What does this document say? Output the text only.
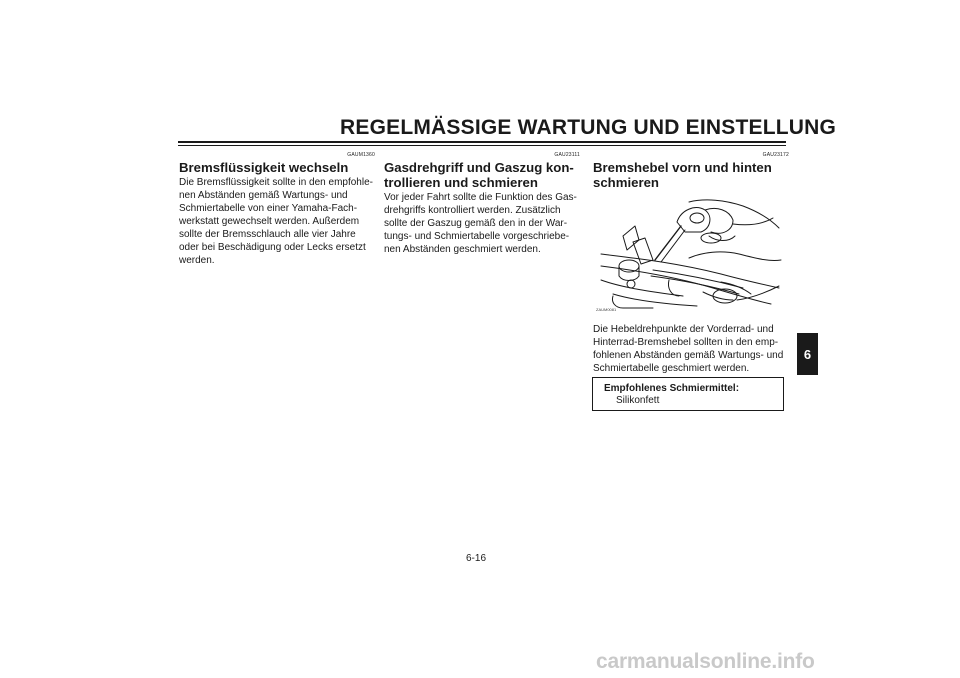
REGELMÄSSIGE WARTUNG UND EINSTELLUNG
GAUM1360
Bremsflüssigkeit wechseln
Die Bremsflüssigkeit sollte in den empfohle-
nen Abständen gemäß Wartungs- und
Schmiertabelle von einer Yamaha-Fach-
werkstatt gewechselt werden. Außerdem
sollte der Bremsschlauch alle vier Jahre
oder bei Beschädigung oder Lecks ersetzt
werden.
GAU23111
Gasdrehgriff und Gaszug kon-
trollieren und schmieren
Vor jeder Fahrt sollte die Funktion des Gas-
drehgriffs kontrolliert werden. Zusätzlich
sollte der Gaszug gemäß den in der War-
tungs- und Schmiertabelle vorgeschriebe-
nen Abständen geschmiert werden.
GAU23172
Bremshebel vorn und hinten
schmieren
ZAUM0081
Die Hebeldrehpunkte der Vorderrad- und
Hinterrad-Bremshebel sollten in den emp-
fohlenen Abständen gemäß Wartungs- und
Schmiertabelle geschmiert werden.
Empfohlenes Schmiermittel:
Silikonfett
6
6-16
carmanualsonline.info
